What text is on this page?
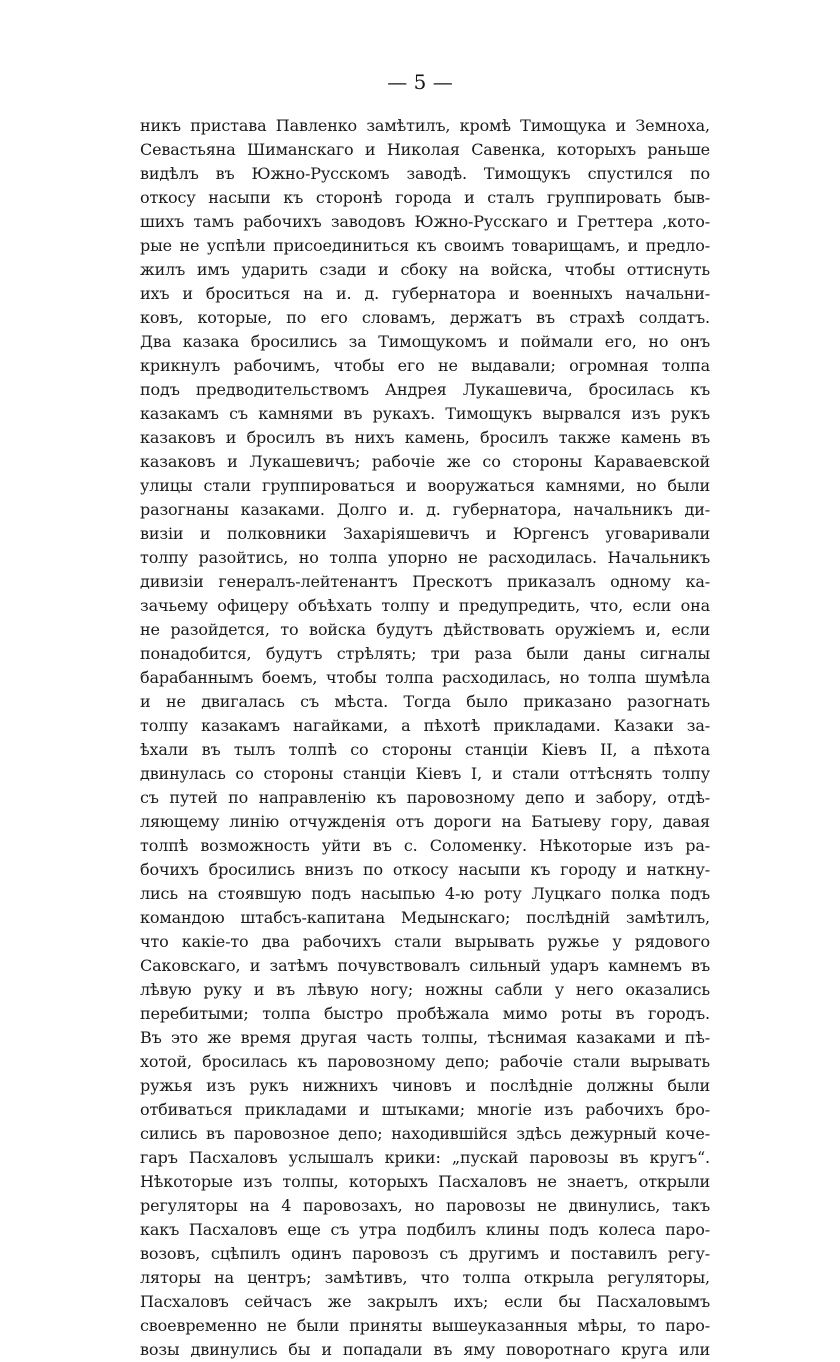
— 5 —
никъ пристава Павленко замѣтилъ, кромѣ Тимощука и Земноха,
Севастьяна Шиманскаго и Николая Савенка, которыхъ раньше
видѣлъ въ Южно-Русскомъ заводѣ. Тимощукъ спустился по
откосу насыпи къ сторонѣ города и сталъ группировать быв-
шихъ тамъ рабочихъ заводовъ Южно-Русскаго и Греттера ,кото-
рые не успѣли присоединиться къ своимъ товарищамъ, и предло-
жилъ имъ ударить сзади и сбоку на войска, чтобы оттиснуть
ихъ и броситься на и. д. губернатора и военныхъ начальни-
ковъ, которые, по его словамъ, держатъ въ страхѣ солдатъ.
Два казака бросились за Тимощукомъ и поймали его, но онъ
крикнулъ рабочимъ, чтобы его не выдавали; огромная толпа
подъ предводительствомъ Андрея Лукашевича, бросилась къ
казакамъ съ камнями въ рукахъ. Тимощукъ вырвался изъ рукъ
казаковъ и бросилъ въ нихъ камень, бросилъ также камень въ
казаковъ и Лукашевичъ; рабочіе же со стороны Караваевской
улицы стали группироваться и вооружаться камнями, но были
разогнаны казаками. Долго и. д. губернатора, начальникъ ди-
визіи и полковники Захаріяшевичъ и Юргенсъ уговаривали
толпу разойтись, но толпа упорно не расходилась. Начальникъ
дивизіи генералъ-лейтенантъ Прескотъ приказалъ одному ка-
зачьему офицеру объѣхать толпу и предупредить, что, если она
не разойдется, то войска будутъ дѣйствовать оружіемъ и, если
понадобится, будутъ стрѣлять; три раза были даны сигналы
барабаннымъ боемъ, чтобы толпа расходилась, но толпа шумѣла
и не двигалась съ мѣста. Тогда было приказано разогнать
толпу казакамъ нагайками, а пѣхотѣ прикладами. Казаки за-
ѣхали въ тылъ толпѣ со стороны станціи Кіевъ II, а пѣхота
двинулась со стороны станціи Кіевъ I, и стали оттѣснять толпу
съ путей по направленію къ паровозному депо и забору, отдѣ-
ляющему линію отчужденія отъ дороги на Батыеву гору, давая
толпѣ возможность уйти въ с. Соломенку. Нѣкоторые изъ ра-
бочихъ бросились внизъ по откосу насыпи къ городу и наткну-
лись на стоявшую подъ насыпью 4-ю роту Луцкаго полка подъ
командою штабсъ-капитана Медынскаго; послѣдній замѣтилъ,
что какіе-то два рабочихъ стали вырывать ружье у рядового
Саковскаго, и затѣмъ почувствовалъ сильный ударъ камнемъ въ
лѣвую руку и въ лѣвую ногу; ножны сабли у него оказались
перебитыми; толпа быстро пробѣжала мимо роты въ городъ.
Въ это же время другая часть толпы, тѣснимая казаками и пѣ-
хотой, бросилась къ паровозному депо; рабочіе стали вырывать
ружья изъ рукъ нижнихъ чиновъ и послѣдніе должны были
отбиваться прикладами и штыками; многіе изъ рабочихъ бро-
сились въ паровозное депо; находившійся здѣсь дежурный коче-
гаръ Пасхаловъ услышалъ крики: „пускай паровозы въ кругъ“.
Нѣкоторые изъ толпы, которыхъ Пасхаловъ не знаетъ, открыли
регуляторы на 4 паровозахъ, но паровозы не двинулись, такъ
какъ Пасхаловъ еще съ утра подбилъ клины подъ колеса паро-
возовъ, сцѣпилъ одинъ паровозъ съ другимъ и поставилъ регу-
ляторы на центръ; замѣтивъ, что толпа открыла регуляторы,
Пасхаловъ сейчасъ же закрылъ ихъ; если бы Пасхаловымъ
своевременно не были приняты вышеуказанныя мѣры, то паро-
возы двинулись бы и попадали въ яму поворотнаго круга или
